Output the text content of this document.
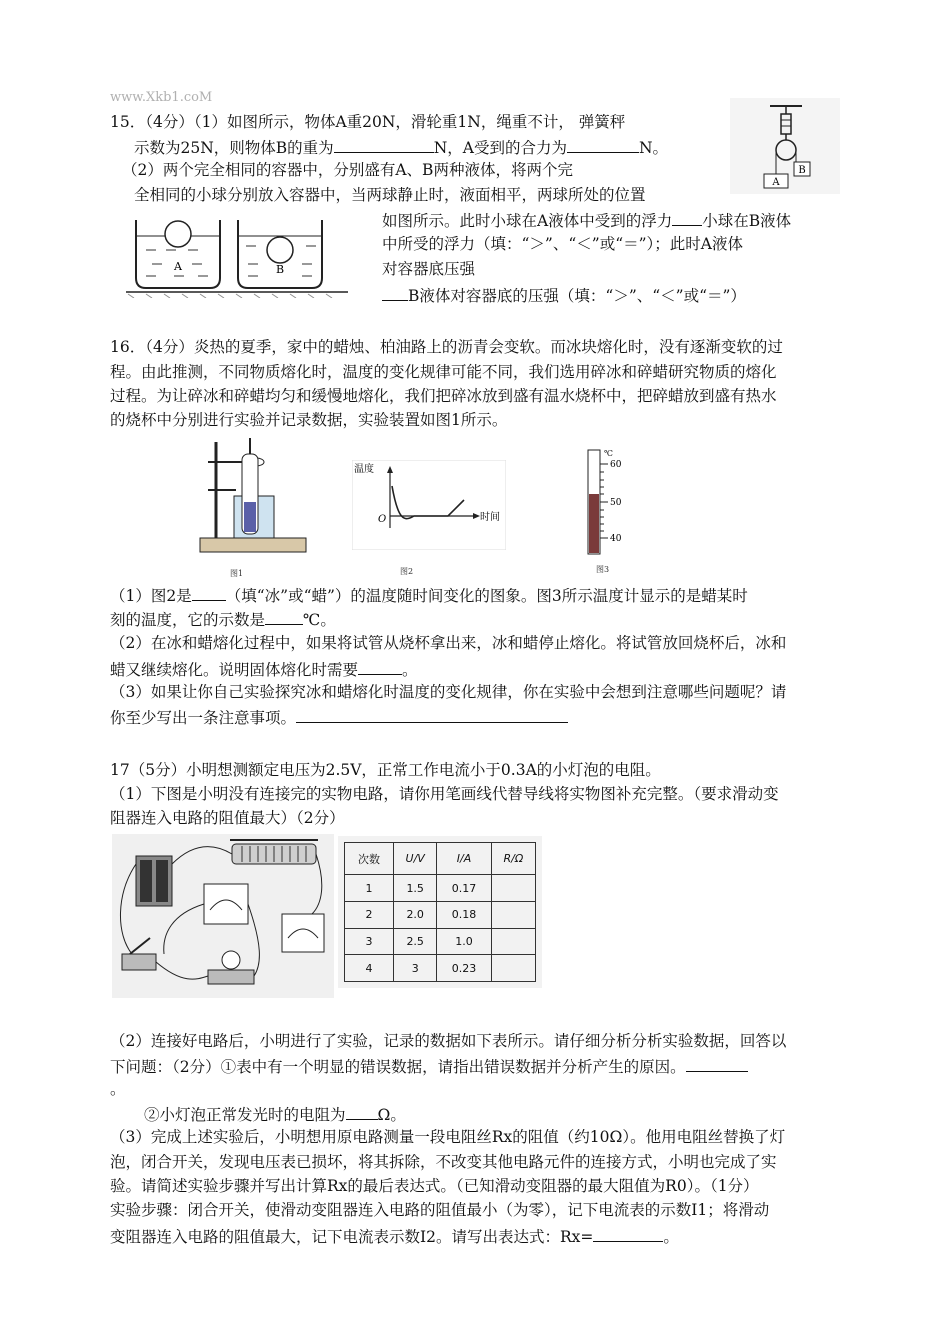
www.Xkb1.coM
15．（4分）（1）如图所示，物体A重20N，滑轮重1N，绳重不计， 弹簧秤
示数为25N，则物体B的重为	N，A受到的合力为	N。
（2）两个完全相同的容器中，分别盛有A、B两种液体，将两个完
全相同的小球分别放入容器中，当两球静止时，液面相平，两球所处的位置
如图所示。此时小球在A液体中受到的浮力 小球在B液体
中所受的浮力（填：“＞”、“＜”或“＝”）；此时A液体
对容器底压强
B液体对容器底的压强（填：“＞”、“＜”或“＝”）
A
B
A	B
16．（4分）炎热的夏季，家中的蜡烛、柏油路上的沥青会变软。而冰块熔化时，没有逐渐变软的过
程。由此推测，不同物质熔化时，温度的变化规律可能不同，我们选用碎冰和碎蜡研究物质的熔化
过程。为让碎冰和碎蜡均匀和缓慢地熔化，我们把碎冰放到盛有温水烧杯中，把碎蜡放到盛有热水
的烧杯中分别进行实验并记录数据，实验装置如图1所示。
图1
温度
时间
O
图2
℃
60
50
40
图3
（1）图2是 （填“冰”或“蜡”）的温度随时间变化的图象。图3所示温度计显示的是蜡某时
刻的温度，它的示数是 ℃。
（2）在冰和蜡熔化过程中，如果将试管从烧杯拿出来，冰和蜡停止熔化。将试管放回烧杯后，冰和
蜡又继续熔化。说明固体熔化时需要	。
（3）如果让你自己实验探究冰和蜡熔化时温度的变化规律，你在实验中会想到注意哪些问题呢？请
你至少写出一条注意事项。
17（5分）小明想测额定电压为2.5V，正常工作电流小于0.3A的小灯泡的电阻。
（1）下图是小明没有连接完的实物电路，请你用笔画线代替导线将实物图补充完整。（要求滑动变
阻器连入电路的阻值最大）（2分）
次数	U/V	I/A	R/Ω
1	1.5	0.17	
2	2.0	0.18	
3	2.5	1.0	
4	3	0.23	
（2）连接好电路后，小明进行了实验，记录的数据如下表所示。请仔细分析分析实验数据，回答以
下问题：（2分）①表中有一个明显的错误数据，请指出错误数据并分析产生的原因。
。
②小灯泡正常发光时的电阻为 Ω。
（3）完成上述实验后，小明想用原电路测量一段电阻丝Rx的阻值（约10Ω）。他用电阻丝替换了灯
泡，闭合开关，发现电压表已损坏，将其拆除，不改变其他电路元件的连接方式，小明也完成了实
验。请简述实验步骤并写出计算Rx的最后表达式。（已知滑动变阻器的最大阻值为R0）。（1分）
实验步骤：闭合开关，使滑动变阻器连入电路的阻值最小（为零），记下电流表的示数I1；将滑动
变阻器连入电路的阻值最大，记下电流表示数I2。请写出表达式：Rx=	。
